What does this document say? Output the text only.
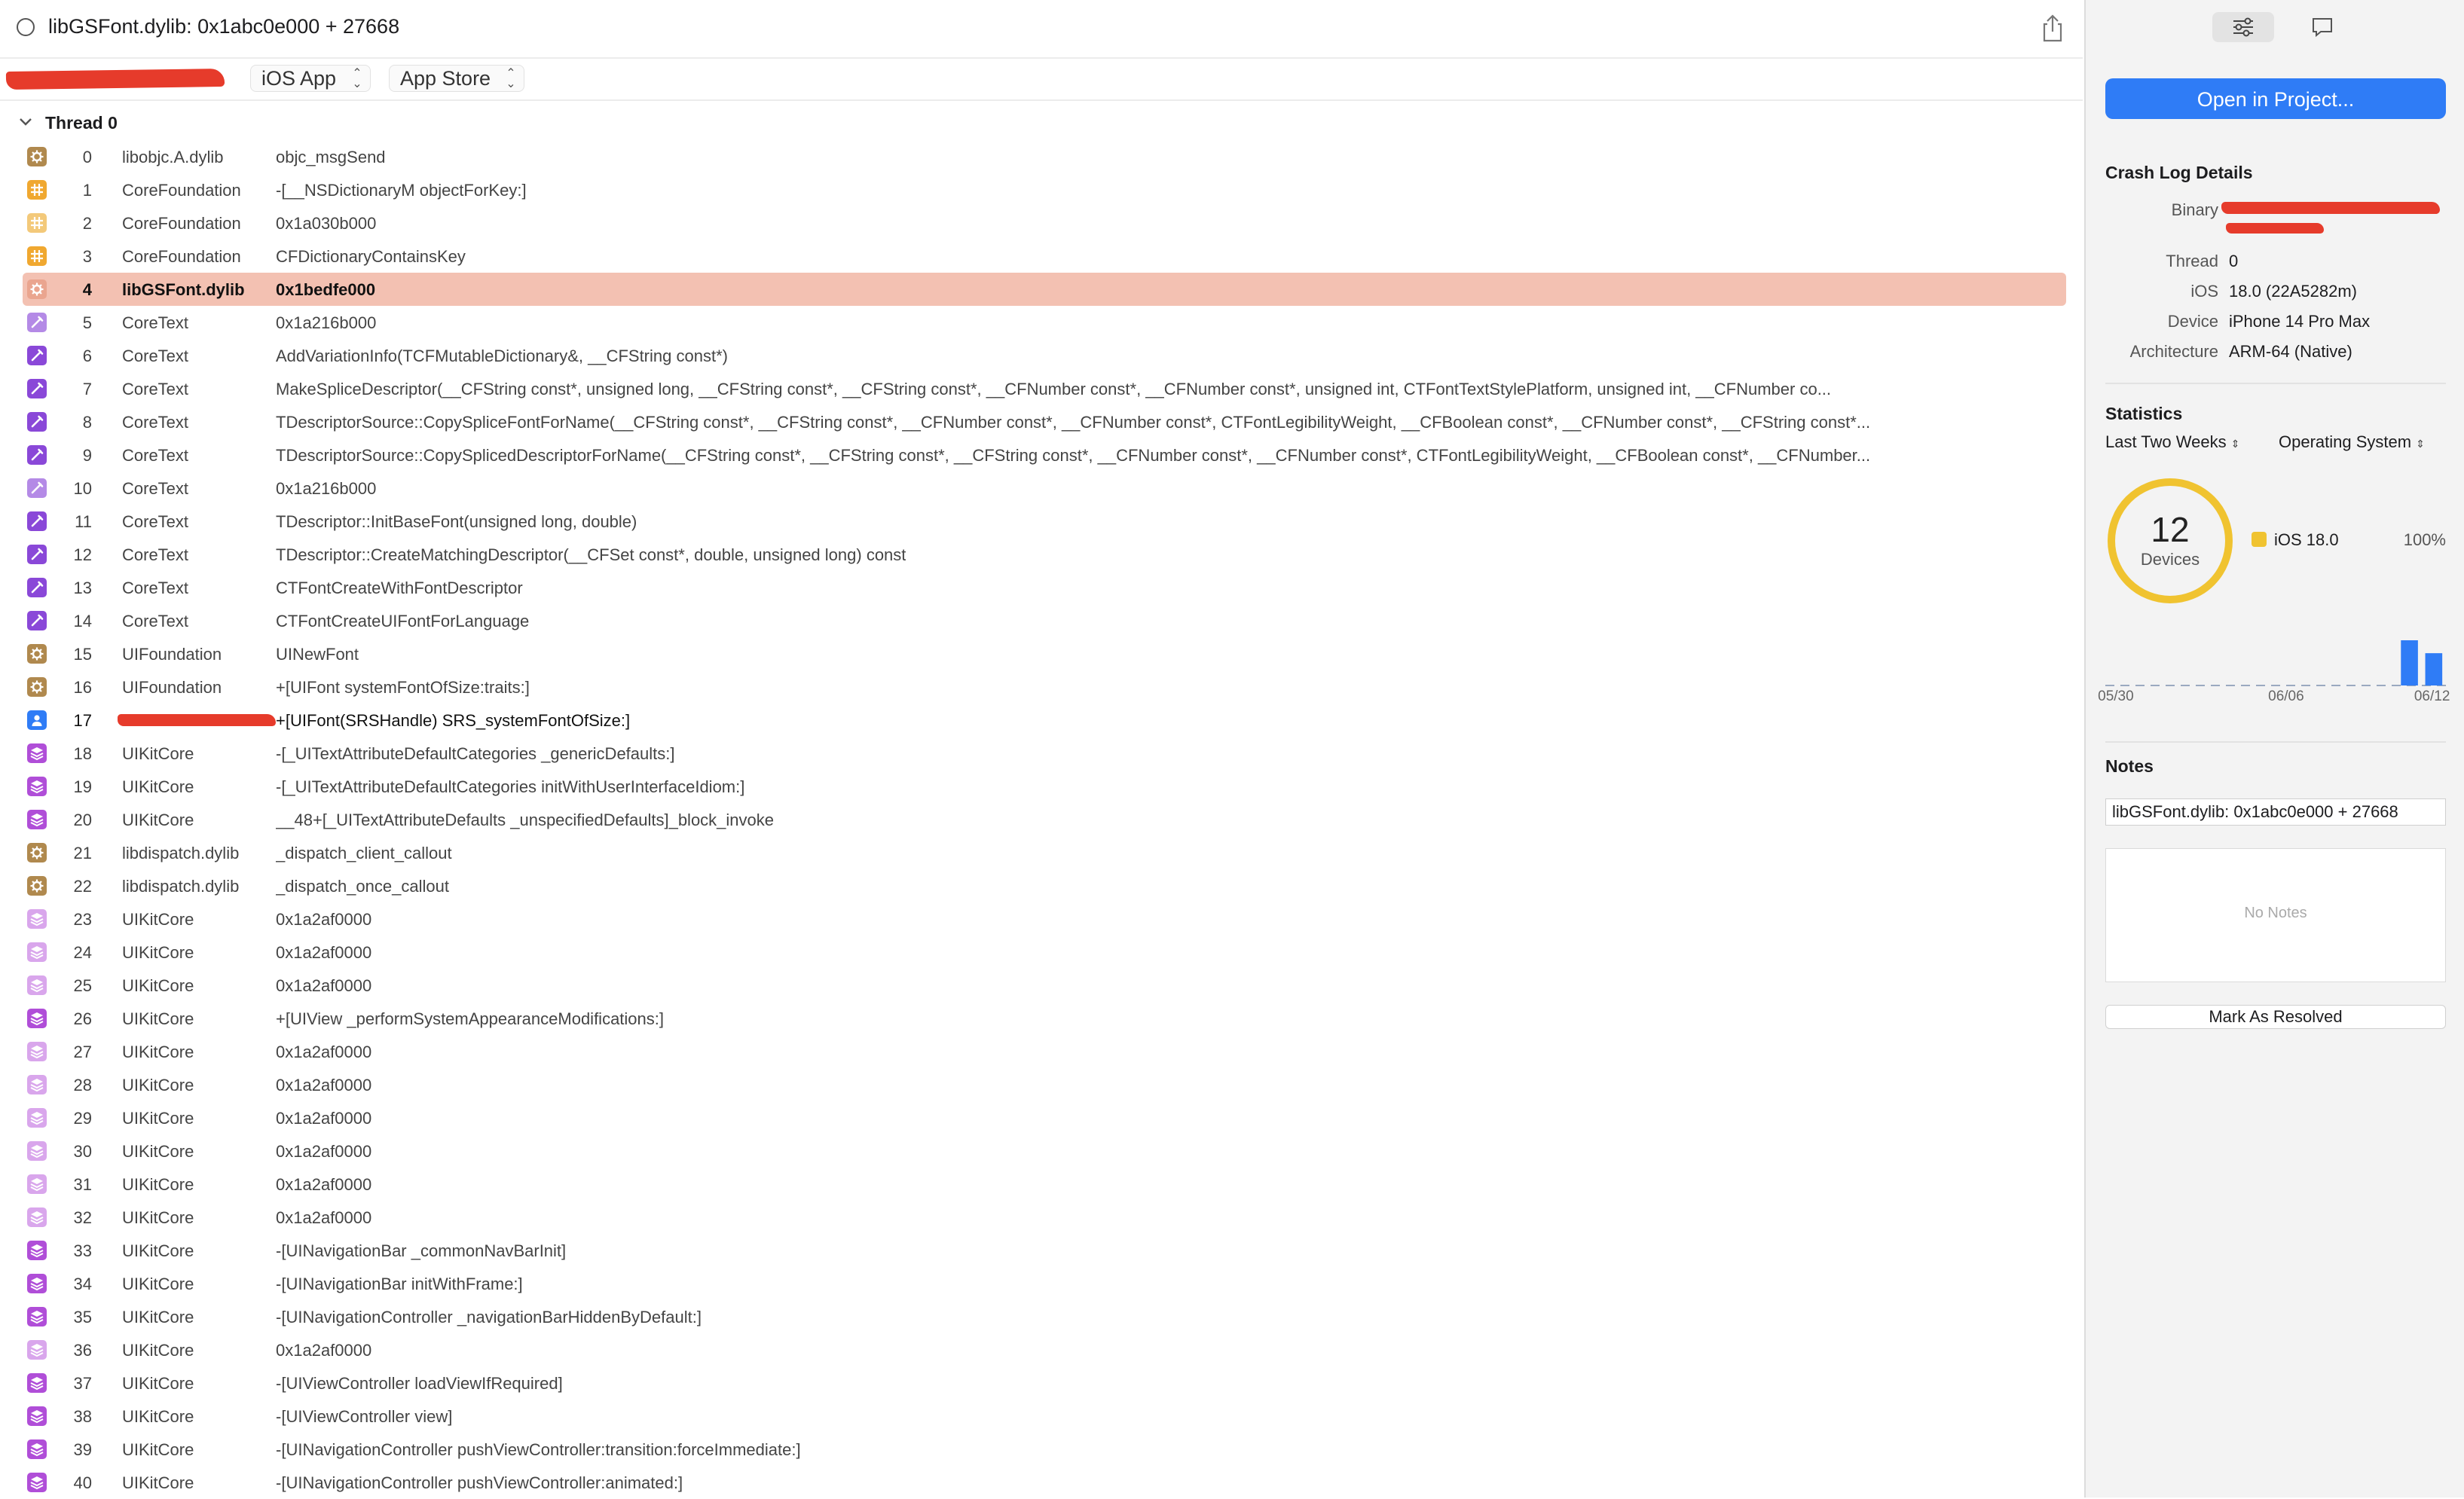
libGSFont.dylib: 0x1abc0e000 + 27668
iOS App ⌃
⌄	App Store ⌃
⌄
Thread 0
0 libobjc.A.dylib	objc_msgSend
1 CoreFoundation -[__NSDictionaryM objectForKey:]
2 CoreFoundation 0x1a030b000
3 CoreFoundation CFDictionaryContainsKey
4 libGSFont.dylib 0x1bedfe000
5 CoreText	0x1a216b000
6 CoreText	AddVariationInfo(TCFMutableDictionary&, __CFString const*)
7 CoreText	MakeSpliceDescriptor(__CFString const*, unsigned long, __CFString const*, __CFString const*, __CFNumber const*, __CFNumber const*, unsigned int, CTFontTextStylePlatform, unsigned int, __CFNumber co...
8 CoreText	TDescriptorSource::CopySpliceFontForName(__CFString const*, __CFString const*, __CFNumber const*, __CFNumber const*, CTFontLegibilityWeight, __CFBoolean const*, __CFNumber const*, __CFString const*...
9 CoreText	TDescriptorSource::CopySplicedDescriptorForName(__CFString const*, __CFString const*, __CFString const*, __CFNumber const*, __CFNumber const*, CTFontLegibilityWeight, __CFBoolean const*, __CFNumber...
10 CoreText	0x1a216b000
11 CoreText	TDescriptor::InitBaseFont(unsigned long, double)
12 CoreText	TDescriptor::CreateMatchingDescriptor(__CFSet const*, double, unsigned long) const
13 CoreText	CTFontCreateWithFontDescriptor
14 CoreText	CTFontCreateUIFontForLanguage
15 UIFoundation	UINewFont
16 UIFoundation	+[UIFont systemFontOfSize:traits:]
17	+[UIFont(SRSHandle) SRS_systemFontOfSize:]
18 UIKitCore	-[_UITextAttributeDefaultCategories _genericDefaults:]
19 UIKitCore	-[_UITextAttributeDefaultCategories initWithUserInterfaceIdiom:]
20 UIKitCore	__48+[_UITextAttributeDefaults _unspecifiedDefaults]_block_invoke
21 libdispatch.dylib _dispatch_client_callout
22 libdispatch.dylib _dispatch_once_callout
23 UIKitCore	0x1a2af0000
24 UIKitCore	0x1a2af0000
25 UIKitCore	0x1a2af0000
26 UIKitCore	+[UIView _performSystemAppearanceModifications:]
27 UIKitCore	0x1a2af0000
28 UIKitCore	0x1a2af0000
29 UIKitCore	0x1a2af0000
30 UIKitCore	0x1a2af0000
31 UIKitCore	0x1a2af0000
32 UIKitCore	0x1a2af0000
33 UIKitCore	-[UINavigationBar _commonNavBarInit]
34 UIKitCore	-[UINavigationBar initWithFrame:]
35 UIKitCore	-[UINavigationController _navigationBarHiddenByDefault:]
36 UIKitCore	0x1a2af0000
37 UIKitCore	-[UIViewController loadViewIfRequired]
38 UIKitCore	-[UIViewController view]
39 UIKitCore	-[UINavigationController pushViewController:transition:forceImmediate:]
40 UIKitCore	-[UINavigationController pushViewController:animated:]
Open in Project...
Crash Log Details
Binary
Thread 0
iOS 18.0 (22A5282m)
Device iPhone 14 Pro Max
Architecture ARM-64 (Native)
Statistics
Last Two Weeks ⇕ Operating System ⇕
12
Devices
iOS 18.0	100%
Notes
libGSFont.dylib: 0x1abc0e000 + 27668
No Notes
Mark As Resolved
05/30	06/06	06/12
